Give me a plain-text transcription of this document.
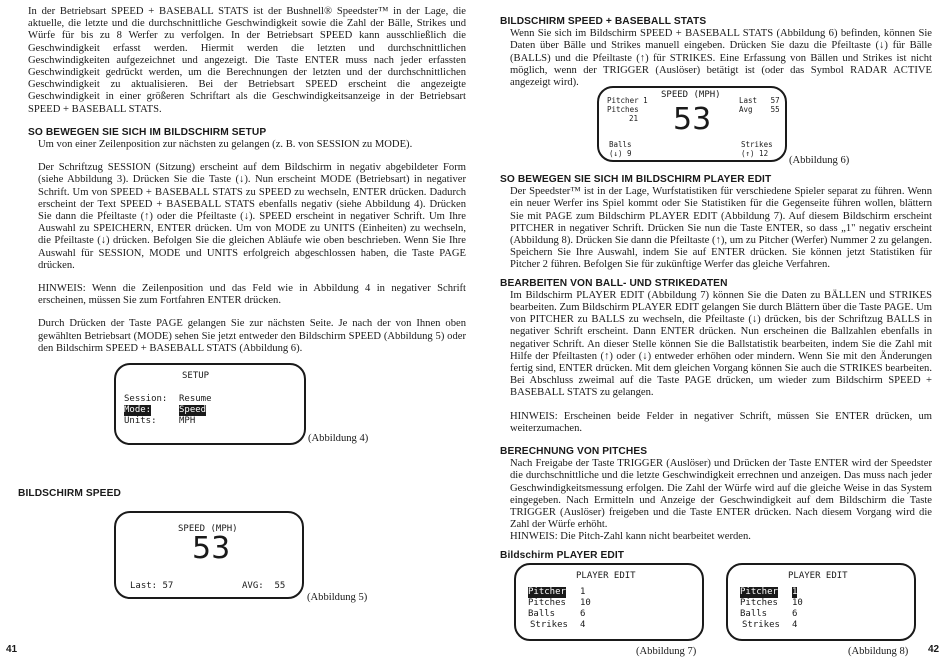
In der Betriebsart SPEED + BASEBALL STATS ist der Bushnell® Speedster™ in der Lage, die aktuelle, die letzte und die durchschnittliche Geschwindigkeit sowie die Zahl der Bälle, Strikes und Würfe für bis zu 8 Werfer zu verfolgen. In der Betriebsart SPEED kann ausschließlich die Geschwindigkeit erfasst werden. Hiermit werden die letzten und durchschnittlichen Geschwindigkeiten aufgezeichnet und angezeigt. Die Taste ENTER muss nach jeder erfassten Geschwindigkeit gedrückt werden, um die Berechnungen der letzten und der durchschnittlichen Geschwindigkeit zu aktualisieren. Bei der Betriebsart SPEED erscheint die angezeigte Geschwindigkeit in einer größeren Schriftart als die Geschwindigkeitsanzeige in der Betriebsart SPEED + BASEBALL STATS.

SO BEWEGEN SIE SICH IM BILDSCHIRM SETUP

Um von einer Zeilenposition zur nächsten zu gelangen (z. B. von SESSION zu MODE).

Der Schriftzug SESSION (Sitzung) erscheint auf dem Bildschirm in negativ abgebildeter Form (siehe Abbildung 3). Drücken Sie die Taste (↓). Nun erscheint MODE (Betriebsart) in negativer Schrift. Um von SPEED + BASEBALL STATS zu SPEED zu wechseln, ENTER drücken. Dadurch erscheint der Text SPEED + BASEBALL STATS ebenfalls negativ (siehe Abbildung 4). Drücken Sie dann die Pfeiltaste (↑) oder die Pfeiltaste (↓). SPEED erscheint in negativer Schrift. Um Ihre Auswahl zu SPEICHERN, ENTER drücken. Um von MODE zu UNITS (Einheiten) zu wechseln, die Pfeiltaste (↓) drücken. Befolgen Sie die gleichen Abläufe wie oben beschrieben. Wenn Sie Ihre Auswahl für SESSION, MODE und UNITS erfolgreich abgeschlossen haben, die Taste PAGE drücken.

HINWEIS: Wenn die Zeilenposition und das Feld wie in Abbildung 4 in negativer Schrift erscheinen, müssen Sie zum Fortfahren ENTER drücken.

Durch Drücken der Taste PAGE gelangen Sie zur nächsten Seite. Je nach der von Ihnen oben gewählten Betriebsart (MODE) sehen Sie jetzt entweder den Bildschirm SPEED (Abbildung 5) oder den Bildschirm SPEED + BASEBALL STATS (Abbildung 6).

BILDSCHIRM SPEED

SETUP
Session: Resume
Mode:	Speed
Units: MPH
(Abbildung 4)
SPEED (MPH)
53
Last: 57	AVG:  55
(Abbildung 5)
41

BILDSCHIRM SPEED + BASEBALL STATS

Wenn Sie sich im Bildschirm SPEED + BASEBALL STATS (Abbildung 6) befinden, können Sie Daten über Bälle und Strikes manuell eingeben. Drücken Sie dazu die Pfeiltaste (↓) für Bälle (BALLS) und die Pfeiltaste (↑) für STRIKES. Eine Erfassung von Bällen und Strikes ist nicht möglich, wenn der TRIGGER (Auslöser) betätigt ist (oder das Symbol RADAR ACTIVE angezeigt wird).

SPEED (MPH)
Pitcher 1
Pitches
21
Last   57
Avg    55
53
Balls
(↓) 9
Strikes
(↑) 12
(Abbildung 6)

SO BEWEGEN SIE SICH IM BILDSCHIRM PLAYER EDIT

Der Speedster™ ist in der Lage, Wurfstatistiken für verschiedene Spieler separat zu führen. Wenn ein neuer Werfer ins Spiel kommt oder Sie Statistiken für die Gegenseite führen wollen, blättern Sie mit PAGE zum Bildschirm PLAYER EDIT (Abbildung 7). Auf diesem Bildschirm erscheint PITCHER in negativer Schrift. Drücken Sie nun die Taste ENTER, so dass „1" negativ erscheint (Abbildung 8). Drücken Sie dann die Pfeiltaste (↑), um zu Pitcher (Werfer) Nummer 2 zu gelangen. Speichern Sie Ihre Auswahl, indem Sie auf ENTER drücken. Sie können jetzt Statistiken für Pitcher 2 führen. Befolgen Sie für zukünftige Werfer das gleiche Verfahren.

BEARBEITEN VON BALL- UND STRIKEDATEN

Im Bildschirm PLAYER EDIT (Abbildung 7) können Sie die Daten zu BÄLLEN und STRIKES bearbeiten. Zum Bildschirm PLAYER EDIT gelangen Sie durch Blättern über die Taste PAGE. Um von PITCHER zu BALLS zu wechseln, die Pfeiltaste (↓) drücken, bis der Schriftzug BALLS in negativer Schrift erscheint. Dann ENTER drücken. Nun erscheinen die Ballzahlen ebenfalls in negativer Schrift. An dieser Stelle können Sie die Ballstatistik bearbeiten, indem Sie die Zahl mit Hilfe der Pfeiltasten (↑) oder (↓) entweder erhöhen oder mindern. Wenn Sie mit den Änderungen fertig sind, ENTER drücken. Mit dem gleichen Vorgang können Sie auch die STRIKES bearbeiten. Bei Abschluss zweimal auf die Taste PAGE drücken, um wieder zum Bildschirm SPEED + BASEBALL STATS zu gelangen.

HINWEIS: Erscheinen beide Felder in negativer Schrift, müssen Sie ENTER drücken, um weiterzumachen.

BERECHNUNG VON PITCHES

Nach Freigabe der Taste TRIGGER (Auslöser) und Drücken der Taste ENTER wird der Speedster die durchschnittliche und die letzte Geschwindigkeit errechnen und anzeigen. Das muss nach jeder Geschwindigkeitsmessung erfolgen. Die Zahl der Würfe wird auf die gleiche Weise in das System eingegeben. Nach Ermitteln und Anzeige der Geschwindigkeit auf dem Bildschirm die Taste TRIGGER (Auslöser) freigeben und die Taste ENTER drücken. Nach diesem Vorgang wird die Zahl der Würfe erhöht.

HINWEIS: Die Pitch-Zahl kann nicht bearbeitet werden.

Bildschirm PLAYER EDIT

PLAYER EDIT
Pitcher 1
Pitches 10
Balls	6
Strikes 4
(Abbildung 7)
PLAYER EDIT
Pitcher 1
Pitches 10
Balls	6
Strikes 4
(Abbildung 8) 42
